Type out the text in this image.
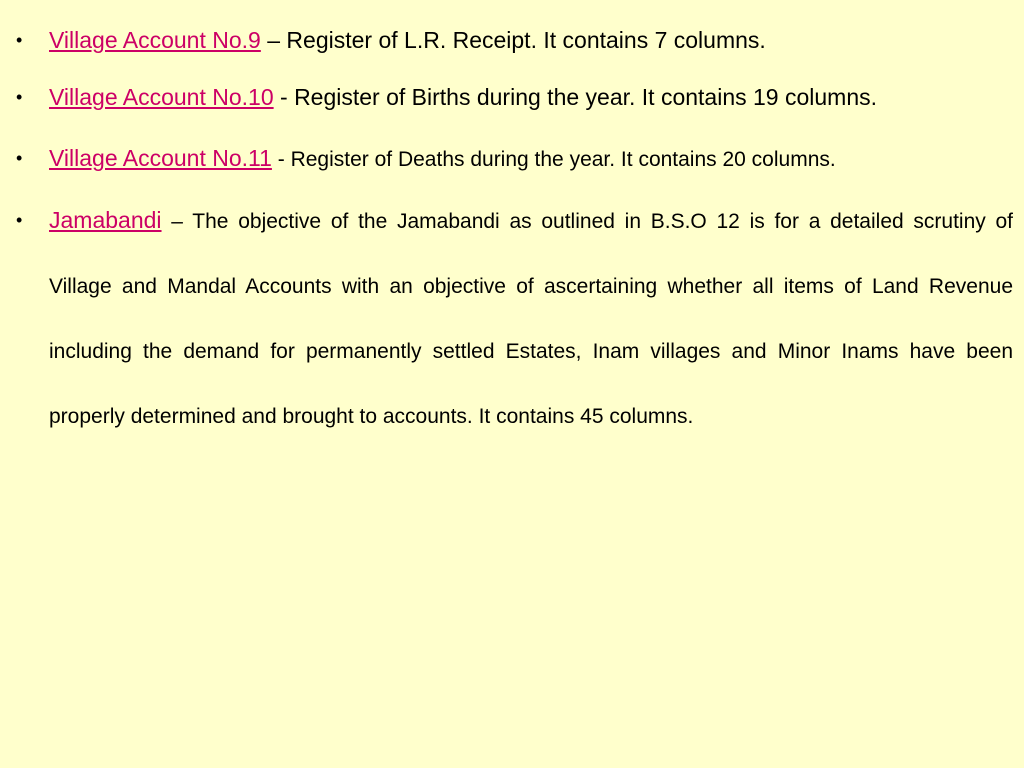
• Village Account No.9 – Register of L.R. Receipt. It contains 7 columns.
• Village Account No.10 - Register of Births during the year. It contains 19 columns.
• Village Account No.11 - Register of Deaths during the year. It contains 20 columns.
• Jamabandi – The objective of the Jamabandi as outlined in B.S.O 12 is for a detailed scrutiny of Village and Mandal Accounts with an objective of ascertaining whether all items of Land Revenue including the demand for permanently settled Estates, Inam villages and Minor Inams have been properly determined and brought to accounts. It contains 45 columns.
